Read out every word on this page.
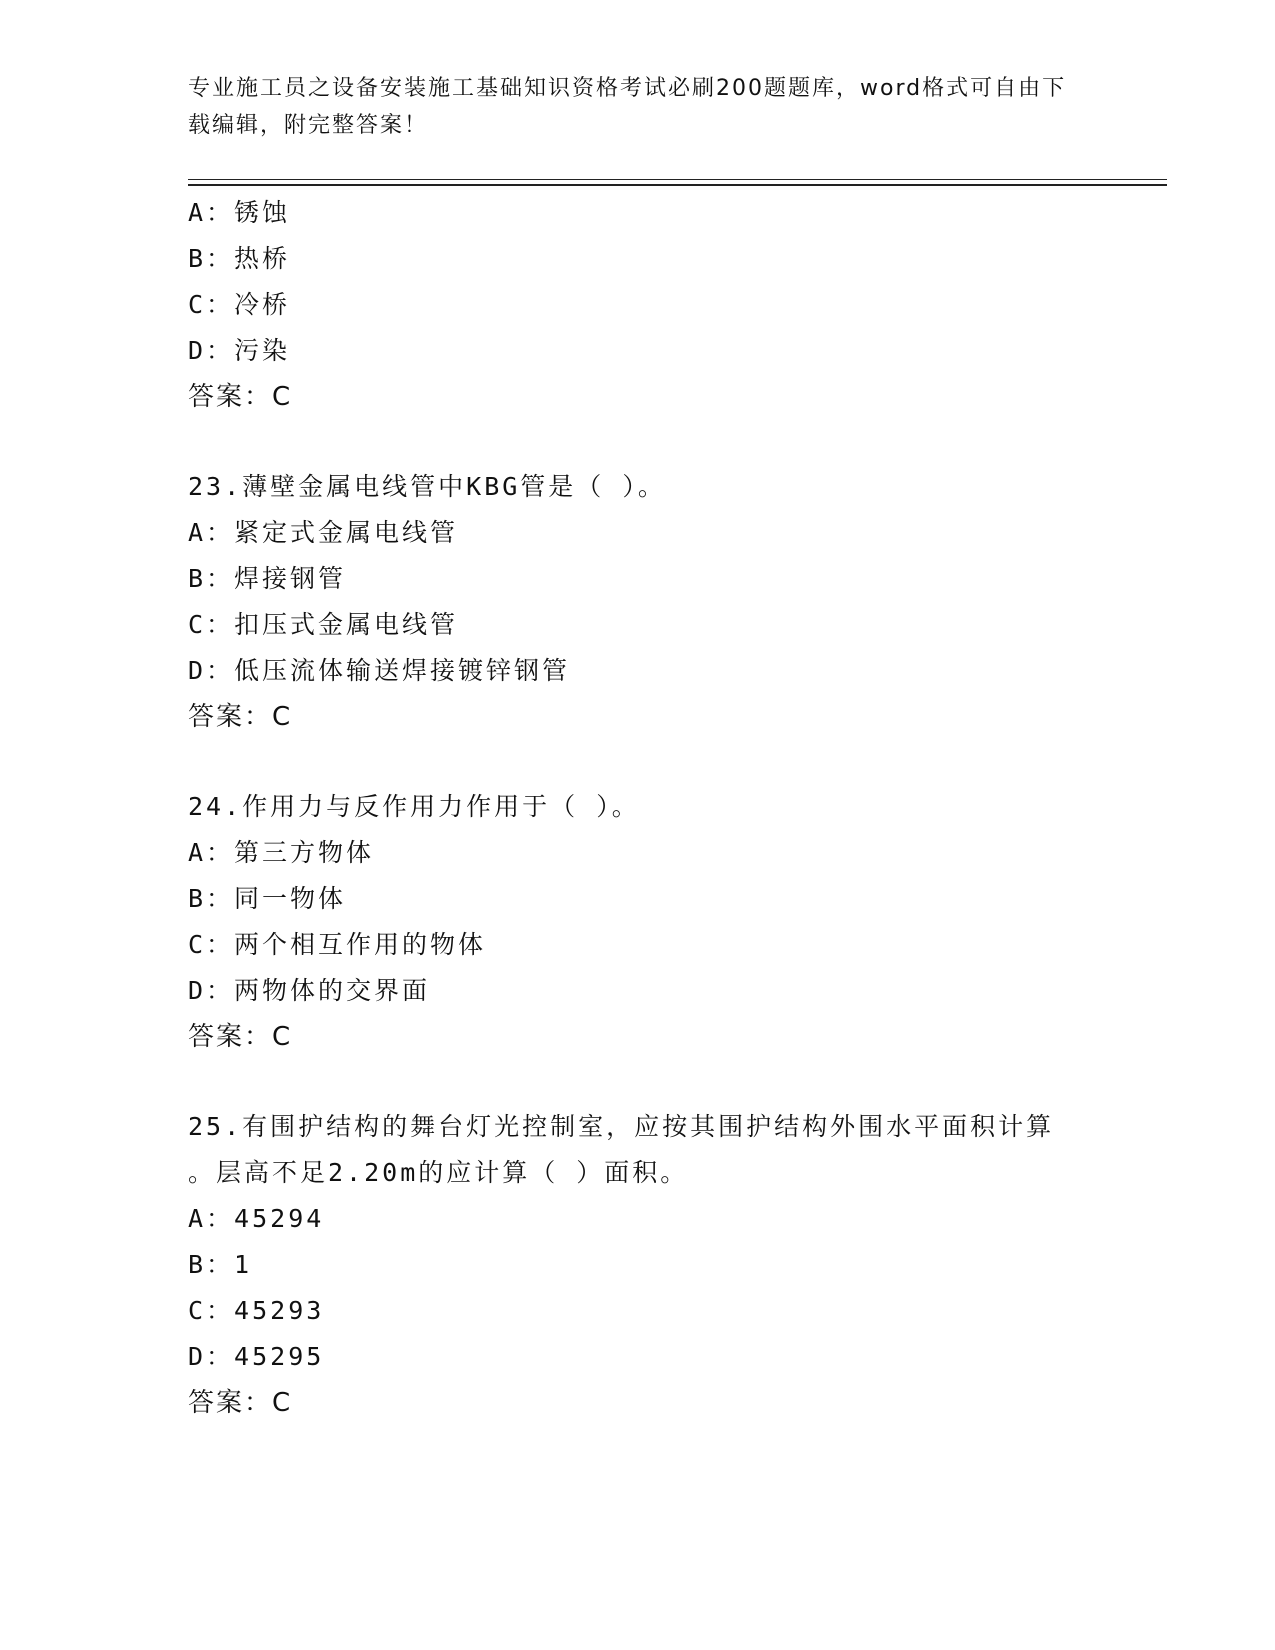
专业施工员之设备安装施工基础知识资格考试必刷200题题库，word格式可自由下载编辑，附完整答案！
A：锈蚀
B：热桥
C：冷桥
D：污染
答案：C
23.薄壁金属电线管中KBG管是（ ）。
A：紧定式金属电线管
B：焊接钢管
C：扣压式金属电线管
D：低压流体输送焊接镀锌钢管
答案：C
24.作用力与反作用力作用于（ ）。
A：第三方物体
B：同一物体
C：两个相互作用的物体
D：两物体的交界面
答案：C
25.有围护结构的舞台灯光控制室，应按其围护结构外围水平面积计算
。层高不足2.20m的应计算（ ）面积。
A：45294
B：1
C：45293
D：45295
答案：C
